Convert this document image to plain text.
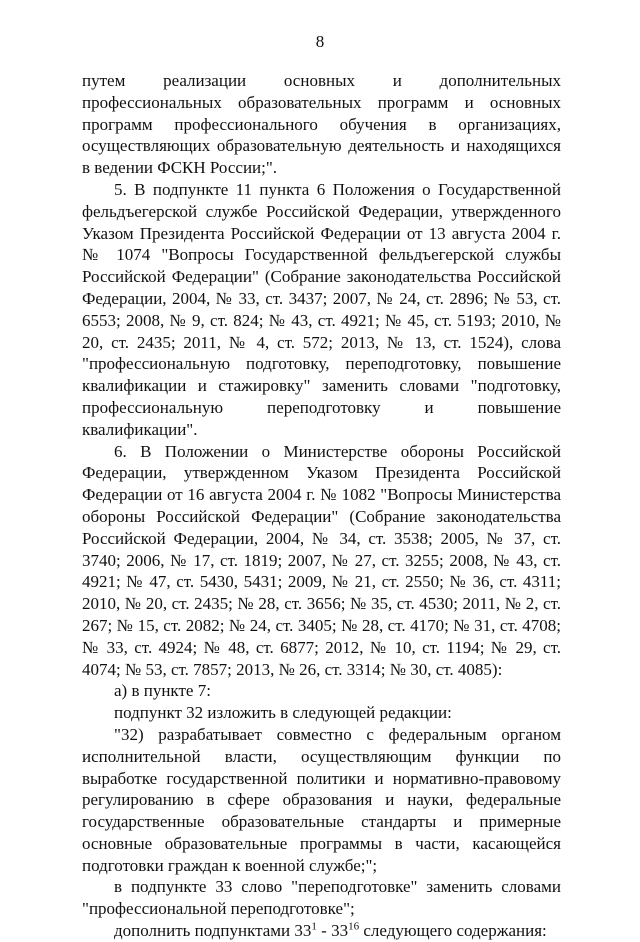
8

путем реализации основных и дополнительных профессиональных образовательных программ и основных программ профессионального обучения в организациях, осуществляющих образовательную деятельность и находящихся в ведении ФСКН России;".

5. В подпункте 11 пункта 6 Положения о Государственной фельдъегерской службе Российской Федерации, утвержденного Указом Президента Российской Федерации от 13 августа 2004 г. № 1074 "Вопросы Государственной фельдъегерской службы Российской Федерации" (Собрание законодательства Российской Федерации, 2004, № 33, ст. 3437; 2007, № 24, ст. 2896; № 53, ст. 6553; 2008, № 9, ст. 824; № 43, ст. 4921; № 45, ст. 5193; 2010, № 20, ст. 2435; 2011, № 4, ст. 572; 2013, № 13, ст. 1524), слова "профессиональную подготовку, переподготовку, повышение квалификации и стажировку" заменить словами "подготовку, профессиональную переподготовку и повышение квалификации".

6. В Положении о Министерстве обороны Российской Федерации, утвержденном Указом Президента Российской Федерации от 16 августа 2004 г. № 1082 "Вопросы Министерства обороны Российской Федерации" (Собрание законодательства Российской Федерации, 2004, № 34, ст. 3538; 2005, № 37, ст. 3740; 2006, № 17, ст. 1819; 2007, № 27, ст. 3255; 2008, № 43, ст. 4921; № 47, ст. 5430, 5431; 2009, № 21, ст. 2550; № 36, ст. 4311; 2010, № 20, ст. 2435; № 28, ст. 3656; № 35, ст. 4530; 2011, № 2, ст. 267; № 15, ст. 2082; № 24, ст. 3405; № 28, ст. 4170; № 31, ст. 4708; № 33, ст. 4924; № 48, ст. 6877; 2012, № 10, ст. 1194; № 29, ст. 4074; № 53, ст. 7857; 2013, № 26, ст. 3314; № 30, ст. 4085):

а) в пункте 7:

подпункт 32 изложить в следующей редакции:

"32) разрабатывает совместно с федеральным органом исполнительной власти, осуществляющим функции по выработке государственной политики и нормативно-правовому регулированию в сфере образования и науки, федеральные государственные образовательные стандарты и примерные основные образовательные программы в части, касающейся подготовки граждан к военной службе;";

в подпункте 33 слово "переподготовке" заменить словами "профессиональной переподготовке";

дополнить подпунктами $33^1 - 33^{16}$ следующего содержания:
